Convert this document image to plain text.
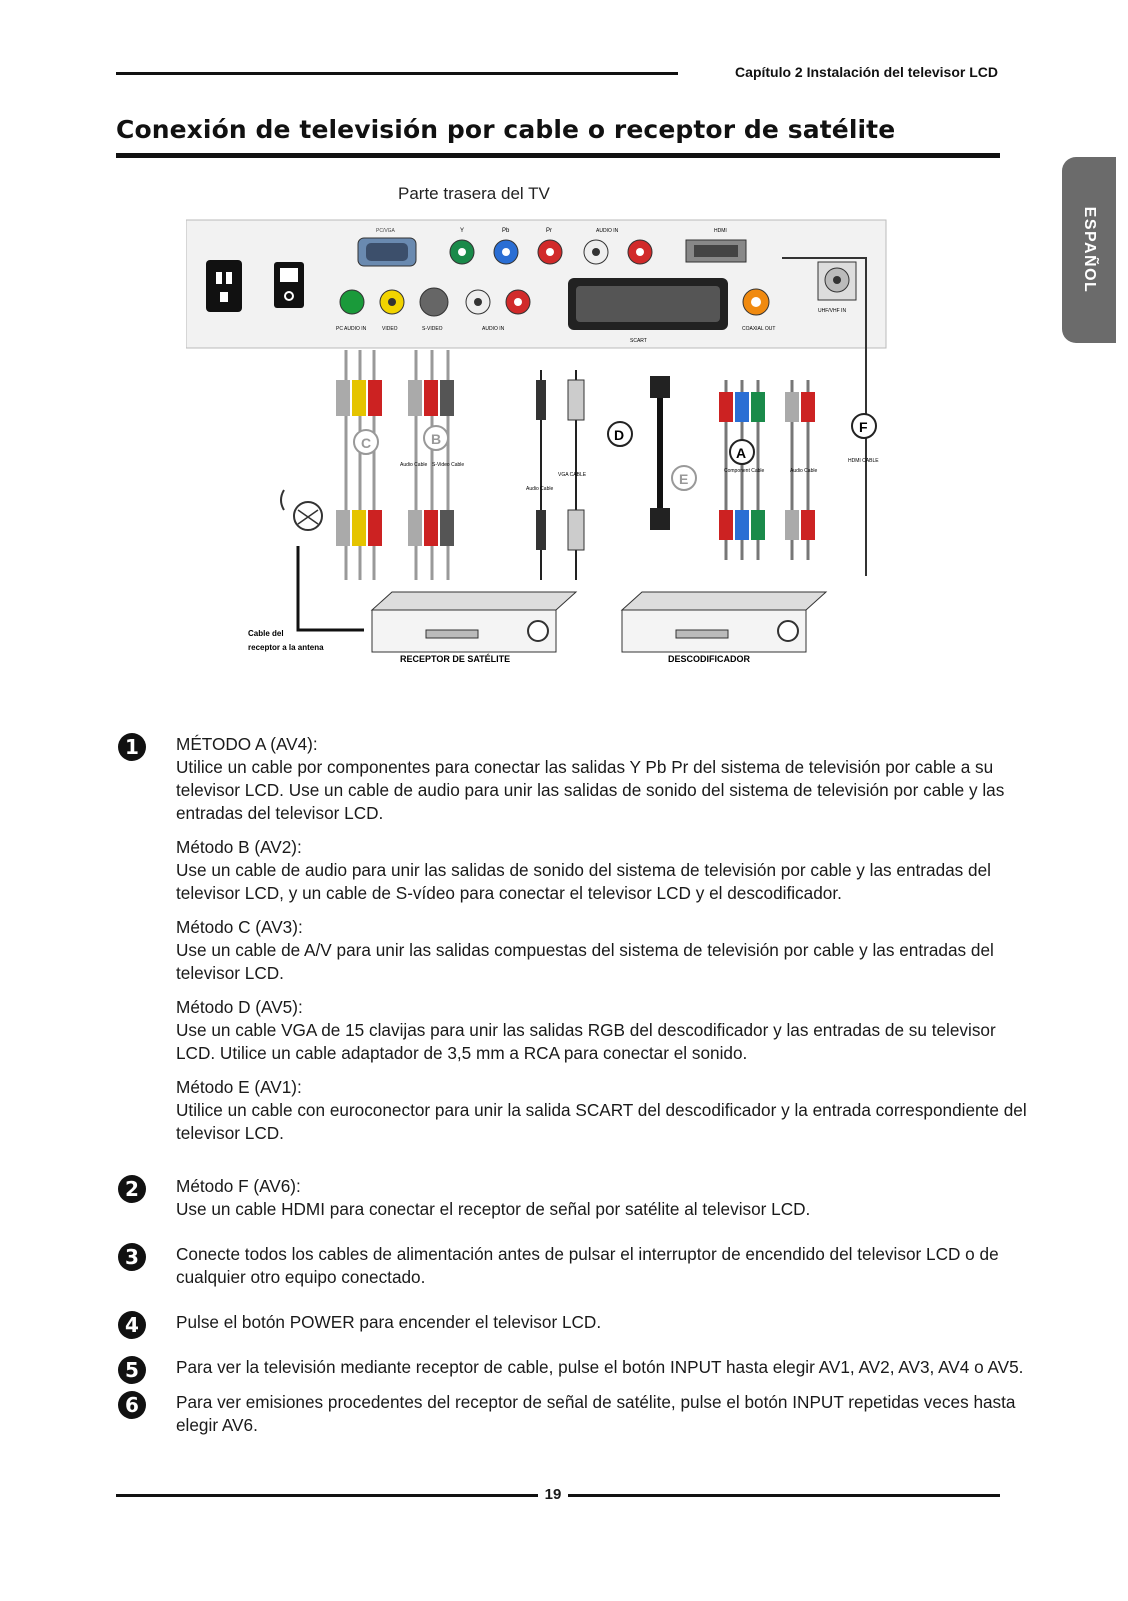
Capítulo 2 Instalación del televisor LCD
Conexión de televisión por cable o receptor de satélite
ESPAÑOL
PC/VGA	Y	Pb	Pr	AUDIO IN	HDMI
PC AUDIO IN	VIDEO	S-VIDEO	AUDIO IN
SCART
COAXIAL OUT
UHF/VHF IN
C	B
Audio Cable S-Video Cable
Audio Cable
VGA CABLE
D
E
A
Component Cable	Audio Cable
F
HDMI CABLE
Cable del
receptor a la antena
RECEPTOR DE SATÉLITE	DESCODIFICADOR
Parte trasera del TV
1	MÉTODO A (AV4):
Utilice un cable por componentes para conectar las salidas Y Pb Pr del sistema de televisión por cable a su televisor LCD. Use un cable de audio para unir las salidas de sonido del sistema de televisión por cable y las entradas del televisor LCD.
Método B (AV2):
Use un cable de audio para unir las salidas de sonido del sistema de televisión por cable y las entradas del televisor LCD, y un cable de S-vídeo para conectar el televisor LCD y el descodificador.
Método C (AV3):
Use un cable de A/V para unir las salidas compuestas del sistema de televisión por cable y las entradas del televisor LCD.
Método D (AV5):
Use un cable VGA de 15 clavijas para unir las salidas RGB del descodificador y las entradas de su televisor LCD. Utilice un cable adaptador de 3,5 mm a RCA para conectar el sonido.
Método E (AV1):
Utilice un cable con euroconector para unir la salida SCART del descodificador y la entrada correspondiente del televisor LCD.
2	Método F (AV6):
Use un cable HDMI para conectar el receptor de señal por satélite al televisor LCD.
3	Conecte todos los cables de alimentación antes de pulsar el interruptor de encendido del televisor LCD o de cualquier otro equipo conectado.
4	Pulse el botón POWER para encender el televisor LCD.
5	Para ver la televisión mediante receptor de cable, pulse el botón INPUT hasta elegir AV1, AV2, AV3, AV4 o AV5.
6	Para ver emisiones procedentes del receptor de señal de satélite, pulse el botón INPUT repetidas veces hasta elegir AV6.
19
